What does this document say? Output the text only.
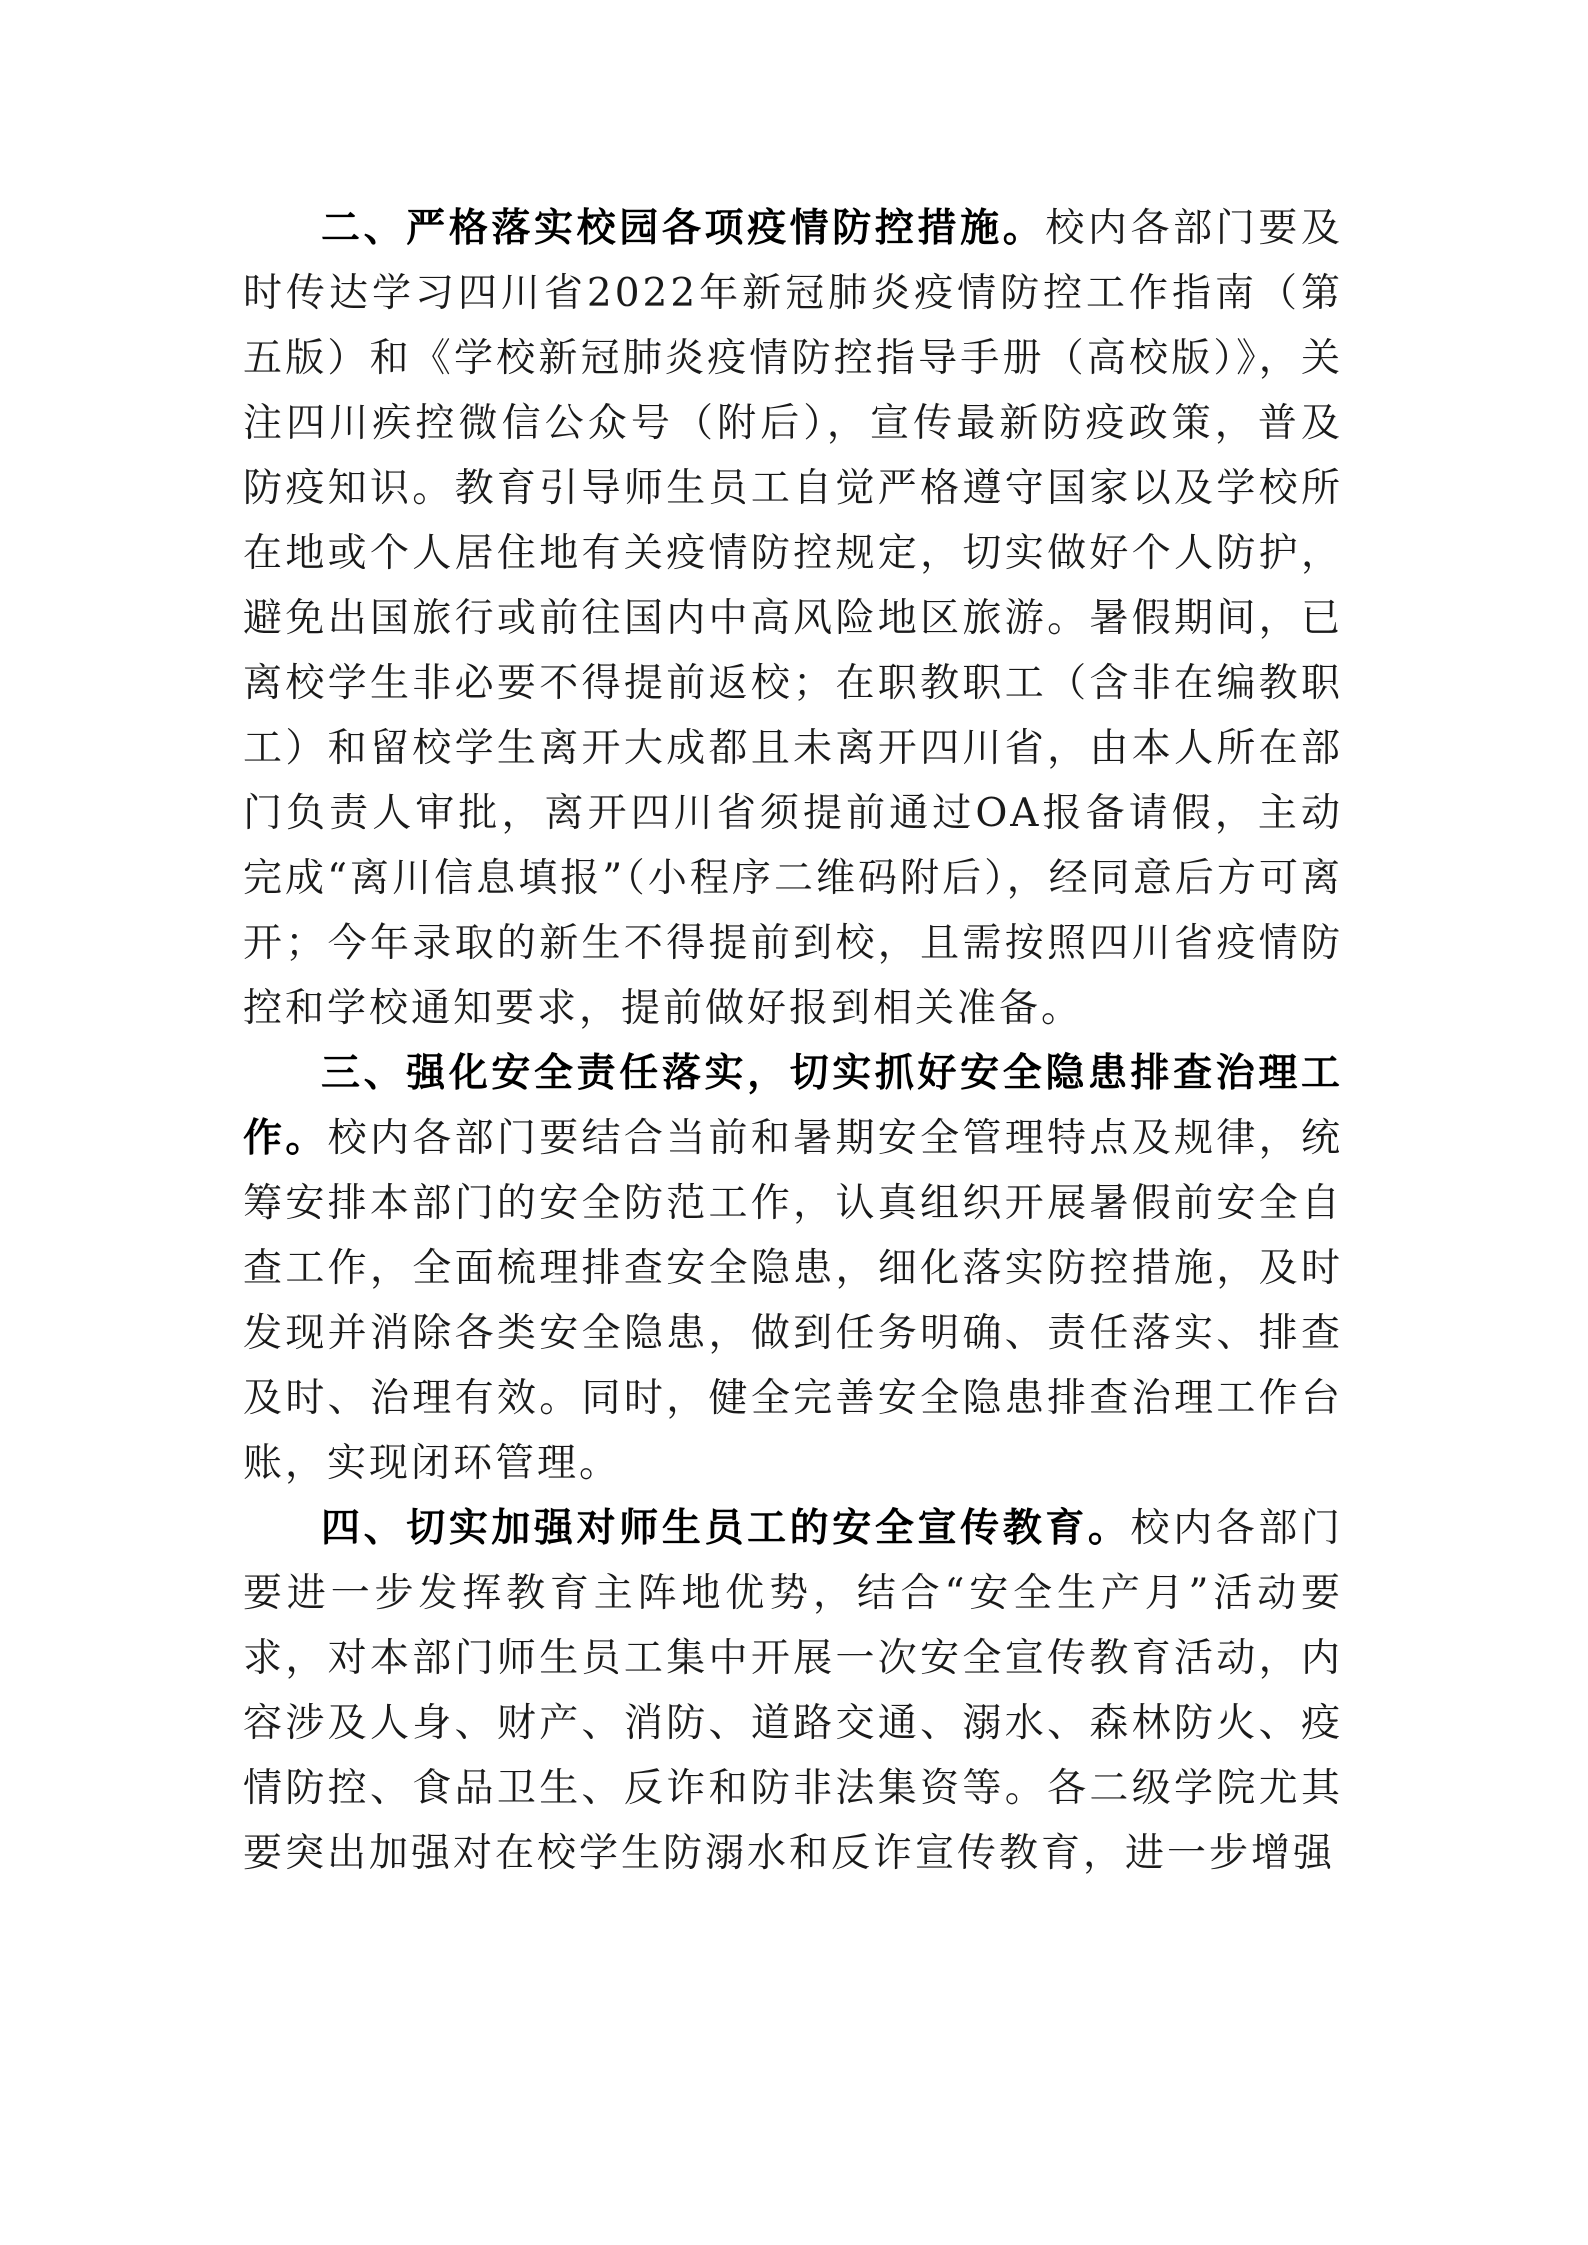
二、严格落实校园各项疫情防控措施。校内各部门要及时传达学习四川省2022年新冠肺炎疫情防控工作指南（第五版）和《学校新冠肺炎疫情防控指导手册（高校版）》，关注四川疾控微信公众号（附后），宣传最新防疫政策，普及防疫知识。教育引导师生员工自觉严格遵守国家以及学校所在地或个人居住地有关疫情防控规定，切实做好个人防护，避免出国旅行或前往国内中高风险地区旅游。暑假期间，已离校学生非必要不得提前返校；在职教职工（含非在编教职工）和留校学生离开大成都且未离开四川省，由本人所在部门负责人审批，离开四川省须提前通过OA报备请假，主动完成“离川信息填报”（小程序二维码附后），经同意后方可离开；今年录取的新生不得提前到校，且需按照四川省疫情防控和学校通知要求，提前做好报到相关准备。

三、强化安全责任落实，切实抓好安全隐患排查治理工作。校内各部门要结合当前和暑期安全管理特点及规律，统筹安排本部门的安全防范工作，认真组织开展暑假前安全自查工作，全面梳理排查安全隐患，细化落实防控措施，及时发现并消除各类安全隐患，做到任务明确、责任落实、排查及时、治理有效。同时，健全完善安全隐患排查治理工作台账，实现闭环管理。

四、切实加强对师生员工的安全宣传教育。校内各部门要进一步发挥教育主阵地优势，结合“安全生产月”活动要求，对本部门师生员工集中开展一次安全宣传教育活动，内容涉及人身、财产、消防、道路交通、溺水、森林防火、疫情防控、食品卫生、反诈和防非法集资等。各二级学院尤其要突出加强对在校学生防溺水和反诈宣传教育，进一步增强
